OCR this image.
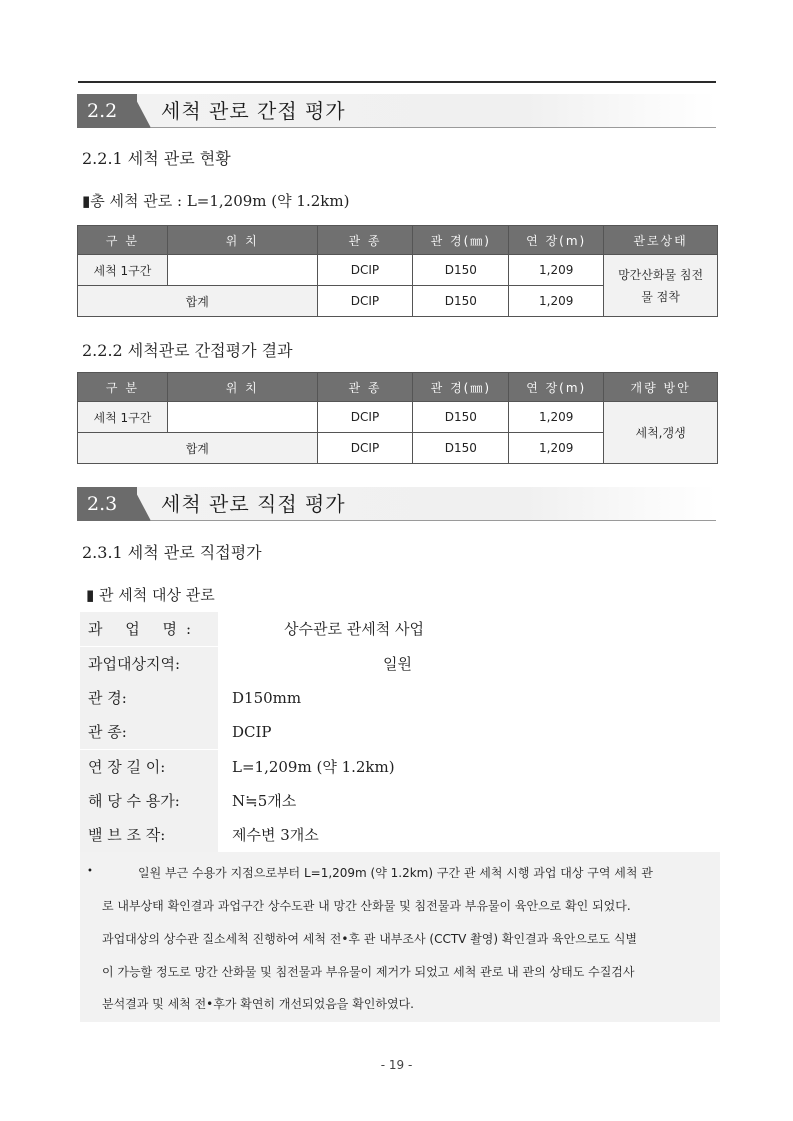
2.2	세척 관로 간접 평가
2.2.1 세척 관로 현황
▮총 세척 관로 : L=1,209m (약 1.2km)
구 분	위 치	관 종	관 경(㎜)	연 장(m)	관로상태
세척 1구간		DCIP	D150	1,209	망간산화물 침전물 점착
합계		DCIP	D150	1,209	
2.2.2 세척관로 간접평가 결과
구 분	위 치	관 종	관 경(㎜)	연 장(m)	개량 방안
세척 1구간		DCIP	D150	1,209	세척,갱생
합계		DCIP	D150	1,209	
2.3	세척 관로 직접 평가
2.3.1 세척 관로 직접평가
▮ 관 세척 대상 관로
과 업 명:	상수관로 관세척 사업
과업대상지역:	일원
관 경:	D150mm
관 종:	DCIP
연 장 길 이:	L=1,209m (약 1.2km)
해 당 수 용가:	N≒5개소
밸 브 조 작:	제수변 3개소
•	일원 부근 수용가 지점으로부터 L=1,209m (약 1.2km) 구간 관 세척 시행 과업 대상 구역 세척 관
로 내부상태 확인결과 과업구간 상수도관 내 망간 산화물 및 침전물과 부유물이 육안으로 확인 되었다.
과업대상의 상수관 질소세척 진행하여 세척 전•후 관 내부조사 (CCTV 촬영) 확인결과 육안으로도 식별
이 가능할 정도로 망간 산화물 및 침전물과 부유물이 제거가 되었고 세척 관로 내 관의 상태도 수질검사
분석결과 및 세척 전•후가 확연히 개선되었음을 확인하였다.
- 19 -
